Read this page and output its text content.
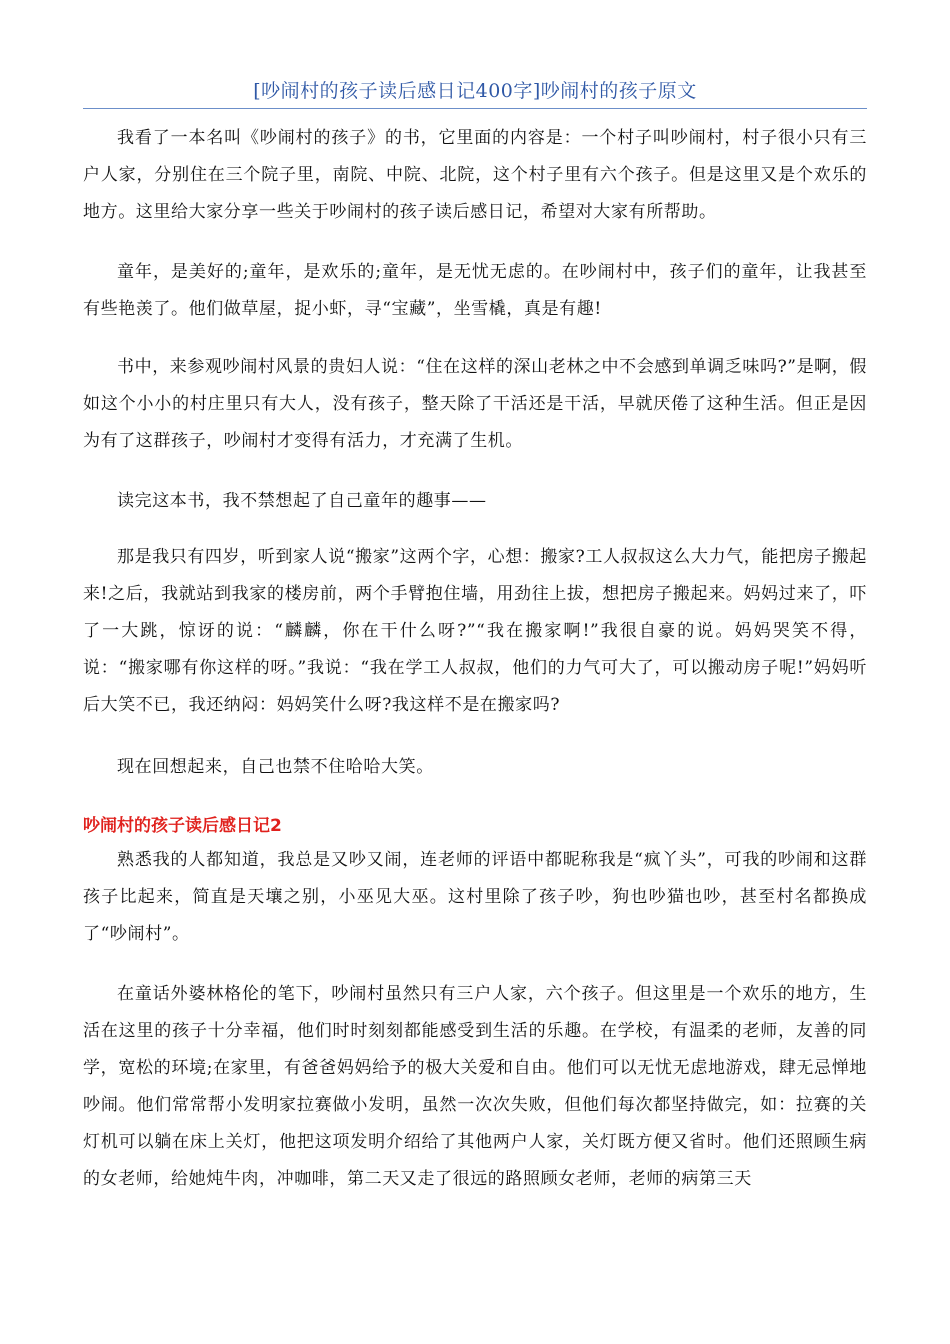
[吵闹村的孩子读后感日记400字]吵闹村的孩子原文

我看了一本名叫《吵闹村的孩子》的书，它里面的内容是：一个村子叫吵闹村，村子很小只有三户人家，分别住在三个院子里，南院、中院、北院，这个村子里有六个孩子。但是这里又是个欢乐的地方。这里给大家分享一些关于吵闹村的孩子读后感日记，希望对大家有所帮助。

童年，是美好的;童年，是欢乐的;童年，是无忧无虑的。在吵闹村中，孩子们的童年，让我甚至有些艳羡了。他们做草屋，捉小虾，寻“宝藏”，坐雪橇，真是有趣!

书中，来参观吵闹村风景的贵妇人说：“住在这样的深山老林之中不会感到单调乏味吗?”是啊，假如这个小小的村庄里只有大人，没有孩子，整天除了干活还是干活，早就厌倦了这种生活。但正是因为有了这群孩子，吵闹村才变得有活力，才充满了生机。

读完这本书，我不禁想起了自己童年的趣事——

那是我只有四岁，听到家人说“搬家”这两个字，心想：搬家?工人叔叔这么大力气，能把房子搬起来!之后，我就站到我家的楼房前，两个手臂抱住墙，用劲往上拔，想把房子搬起来。妈妈过来了，吓了一大跳，惊讶的说：“麟麟，你在干什么呀?”“我在搬家啊!”我很自豪的说。妈妈哭笑不得，说：“搬家哪有你这样的呀。”我说：“我在学工人叔叔，他们的力气可大了，可以搬动房子呢!”妈妈听后大笑不已，我还纳闷：妈妈笑什么呀?我这样不是在搬家吗?

现在回想起来，自己也禁不住哈哈大笑。

吵闹村的孩子读后感日记2

熟悉我的人都知道，我总是又吵又闹，连老师的评语中都昵称我是“疯丫头”，可我的吵闹和这群孩子比起来，简直是天壤之别，小巫见大巫。这村里除了孩子吵，狗也吵猫也吵，甚至村名都换成了“吵闹村”。

在童话外婆林格伦的笔下，吵闹村虽然只有三户人家，六个孩子。但这里是一个欢乐的地方，生活在这里的孩子十分幸福，他们时时刻刻都能感受到生活的乐趣。在学校，有温柔的老师，友善的同学，宽松的环境;在家里，有爸爸妈妈给予的极大关爱和自由。他们可以无忧无虑地游戏，肆无忌惮地吵闹。他们常常帮小发明家拉赛做小发明，虽然一次次失败，但他们每次都坚持做完，如：拉赛的关灯机可以躺在床上关灯，他把这项发明介绍给了其他两户人家，关灯既方便又省时。他们还照顾生病的女老师，给她炖牛肉，冲咖啡，第二天又走了很远的路照顾女老师，老师的病第三天
